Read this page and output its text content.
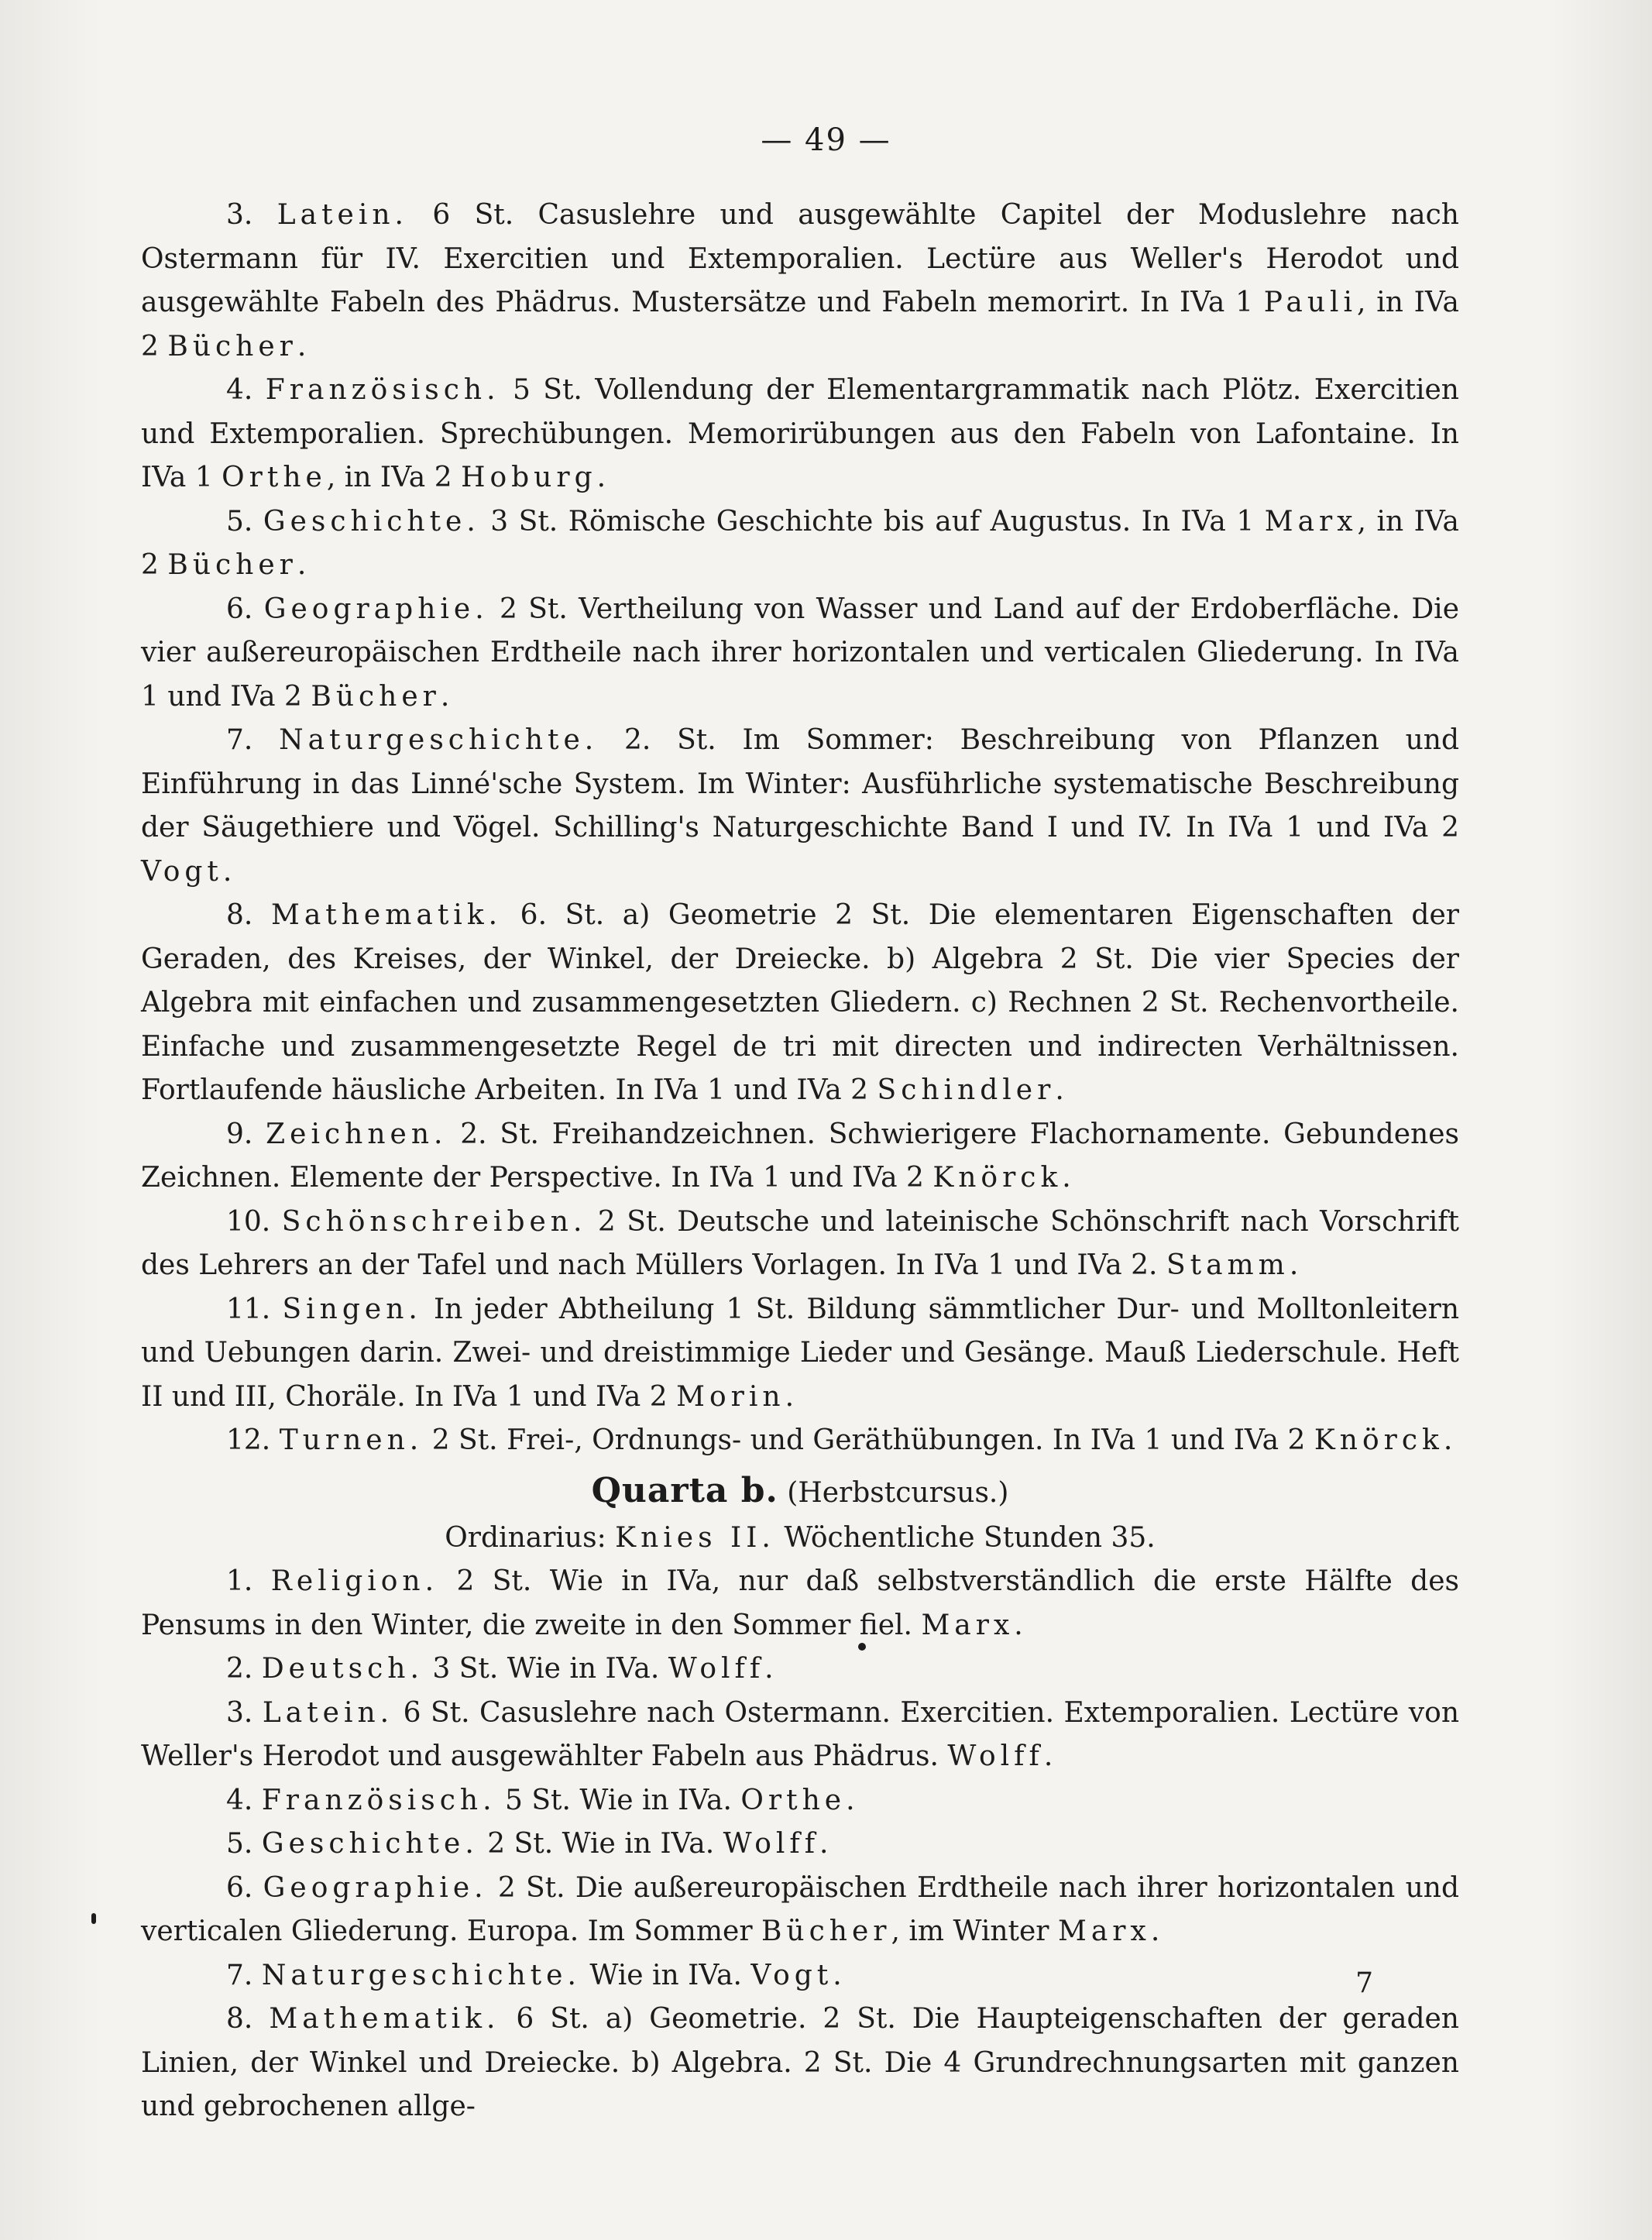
— 49 —

3. Latein. 6 St. Casuslehre und ausgewählte Capitel der Moduslehre nach Ostermann für IV. Exercitien und Extemporalien. Lectüre aus Weller's Herodot und ausgewählte Fabeln des Phädrus. Mustersätze und Fabeln memorirt. In IVa 1 Pauli, in IVa 2 Bücher.

4. Französisch. 5 St. Vollendung der Elementargrammatik nach Plötz. Exercitien und Extemporalien. Sprechübungen. Memorirübungen aus den Fabeln von Lafontaine. In IVa 1 Orthe, in IVa 2 Hoburg.

5. Geschichte. 3 St. Römische Geschichte bis auf Augustus. In IVa 1 Marx, in IVa 2 Bücher.

6. Geographie. 2 St. Vertheilung von Wasser und Land auf der Erdoberfläche. Die vier außereuropäischen Erdtheile nach ihrer horizontalen und verticalen Gliederung. In IVa 1 und IVa 2 Bücher.

7. Naturgeschichte. 2. St. Im Sommer: Beschreibung von Pflanzen und Einführung in das Linné'sche System. Im Winter: Ausführliche systematische Beschreibung der Säugethiere und Vögel. Schilling's Naturgeschichte Band I und IV. In IVa 1 und IVa 2 Vogt.

8. Mathematik. 6. St. a) Geometrie 2 St. Die elementaren Eigenschaften der Geraden, des Kreises, der Winkel, der Dreiecke. b) Algebra 2 St. Die vier Species der Algebra mit einfachen und zusammengesetzten Gliedern. c) Rechnen 2 St. Rechenvortheile. Einfache und zusammengesetzte Regel de tri mit directen und indirecten Verhältnissen. Fortlaufende häusliche Arbeiten. In IVa 1 und IVa 2 Schindler.

9. Zeichnen. 2. St. Freihandzeichnen. Schwierigere Flachornamente. Gebundenes Zeichnen. Elemente der Perspective. In IVa 1 und IVa 2 Knörck.

10. Schönschreiben. 2 St. Deutsche und lateinische Schönschrift nach Vorschrift des Lehrers an der Tafel und nach Müllers Vorlagen. In IVa 1 und IVa 2. Stamm.

11. Singen. In jeder Abtheilung 1 St. Bildung sämmtlicher Dur- und Molltonleitern und Uebungen darin. Zwei- und dreistimmige Lieder und Gesänge. Mauß Liederschule. Heft II und III, Choräle. In IVa 1 und IVa 2 Morin.

12. Turnen. 2 St. Frei-, Ordnungs- und Geräthübungen. In IVa 1 und IVa 2 Knörck.

Quarta b. (Herbstcursus.)

Ordinarius: Knies II. Wöchentliche Stunden 35.

1. Religion. 2 St. Wie in IVa, nur daß selbstverständlich die erste Hälfte des Pensums in den Winter, die zweite in den Sommer fiel. Marx.

2. Deutsch. 3 St. Wie in IVa. Wolff.

3. Latein. 6 St. Casuslehre nach Ostermann. Exercitien. Extemporalien. Lectüre von Weller's Herodot und ausgewählter Fabeln aus Phädrus. Wolff.

4. Französisch. 5 St. Wie in IVa. Orthe.

5. Geschichte. 2 St. Wie in IVa. Wolff.

6. Geographie. 2 St. Die außereuropäischen Erdtheile nach ihrer horizontalen und verticalen Gliederung. Europa. Im Sommer Bücher, im Winter Marx.

7. Naturgeschichte. Wie in IVa. Vogt.

8. Mathematik. 6 St. a) Geometrie. 2 St. Die Haupteigenschaften der geraden Linien, der Winkel und Dreiecke. b) Algebra. 2 St. Die 4 Grundrechnungsarten mit ganzen und gebrochenen allge-

7
